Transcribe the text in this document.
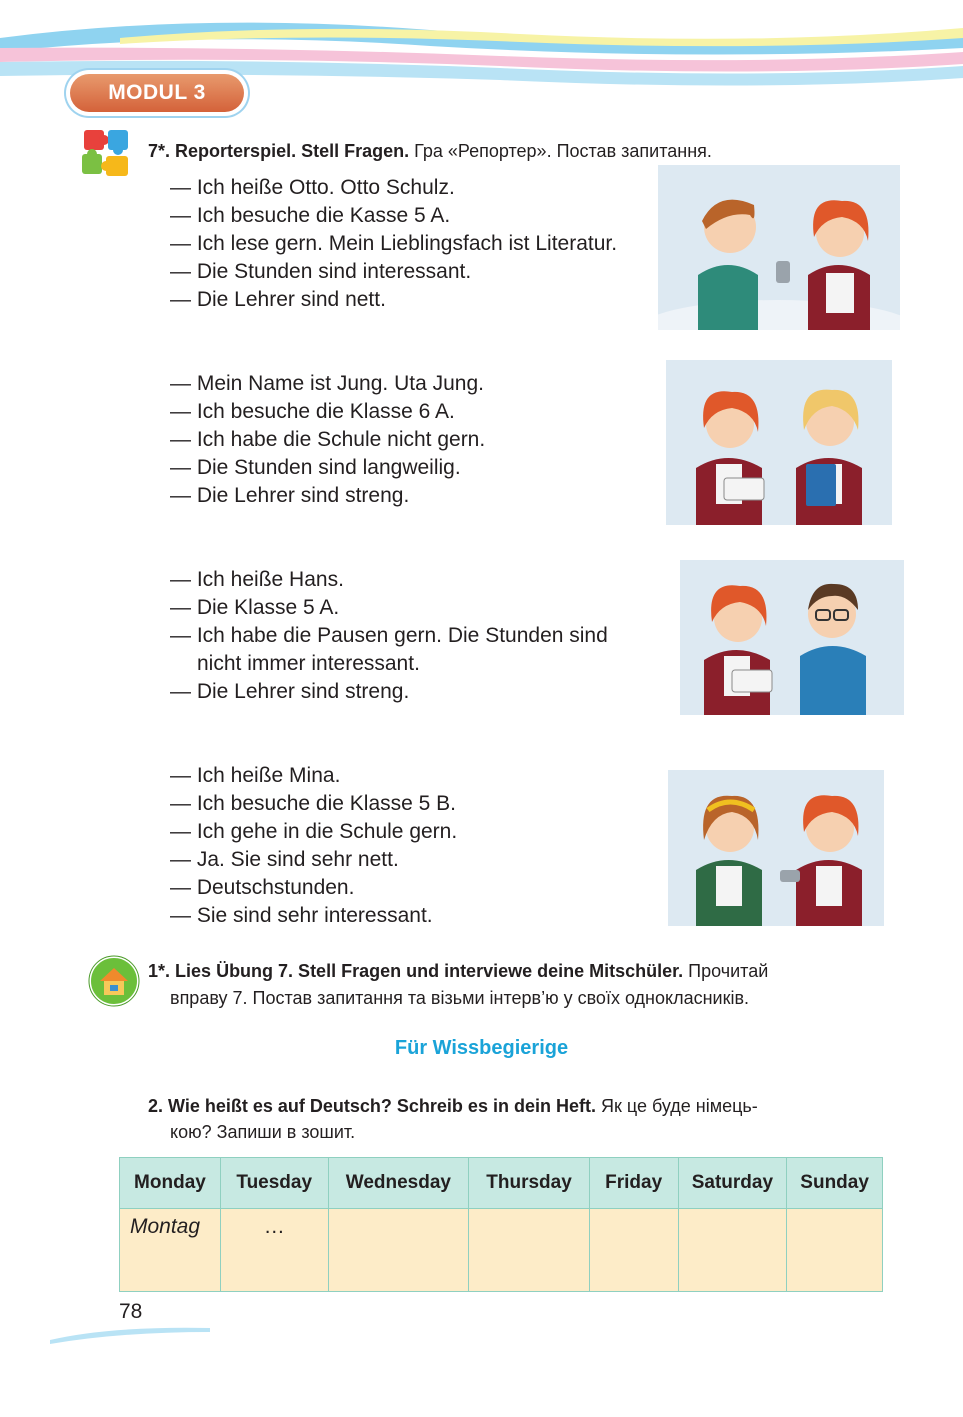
MODUL 3
7*. Reporterspiel. Stell Fragen. Гра «Репортер». Постав запитання.
— Ich heiße Otto. Otto Schulz.
— Ich besuche die Kasse 5 A.
— Ich lese gern. Mein Lieblingsfach ist Literatur.
— Die Stunden sind interessant.
— Die Lehrer sind nett.
— Mein Name ist Jung. Uta Jung.
— Ich besuche die Klasse 6 A.
— Ich habe die Schule nicht gern.
— Die Stunden sind langweilig.
— Die Lehrer sind streng.
— Ich heiße Hans.
— Die Klasse 5 A.
— Ich habe die Pausen gern. Die Stunden sind
nicht immer interessant.
— Die Lehrer sind streng.
— Ich heiße Mina.
— Ich besuche die Klasse 5 B.
— Ich gehe in die Schule gern.
— Ja. Sie sind sehr nett.
— Deutschstunden.
— Sie sind sehr interessant.
1*. Lies Übung 7. Stell Fragen und interviewe deine Mitschüler. Прочитай
вправу 7. Постав запитання та візьми інтерв’ю у своїх однокласників.
Für Wissbegierige
2. Wie heißt es auf Deutsch? Schreib es in dein Heft. Як це буде німець-
кою? Запиши в зошит.
Monday	Tuesday	Wednesday	Thursday	Friday	Saturday	Sunday
Montag	…					
78
